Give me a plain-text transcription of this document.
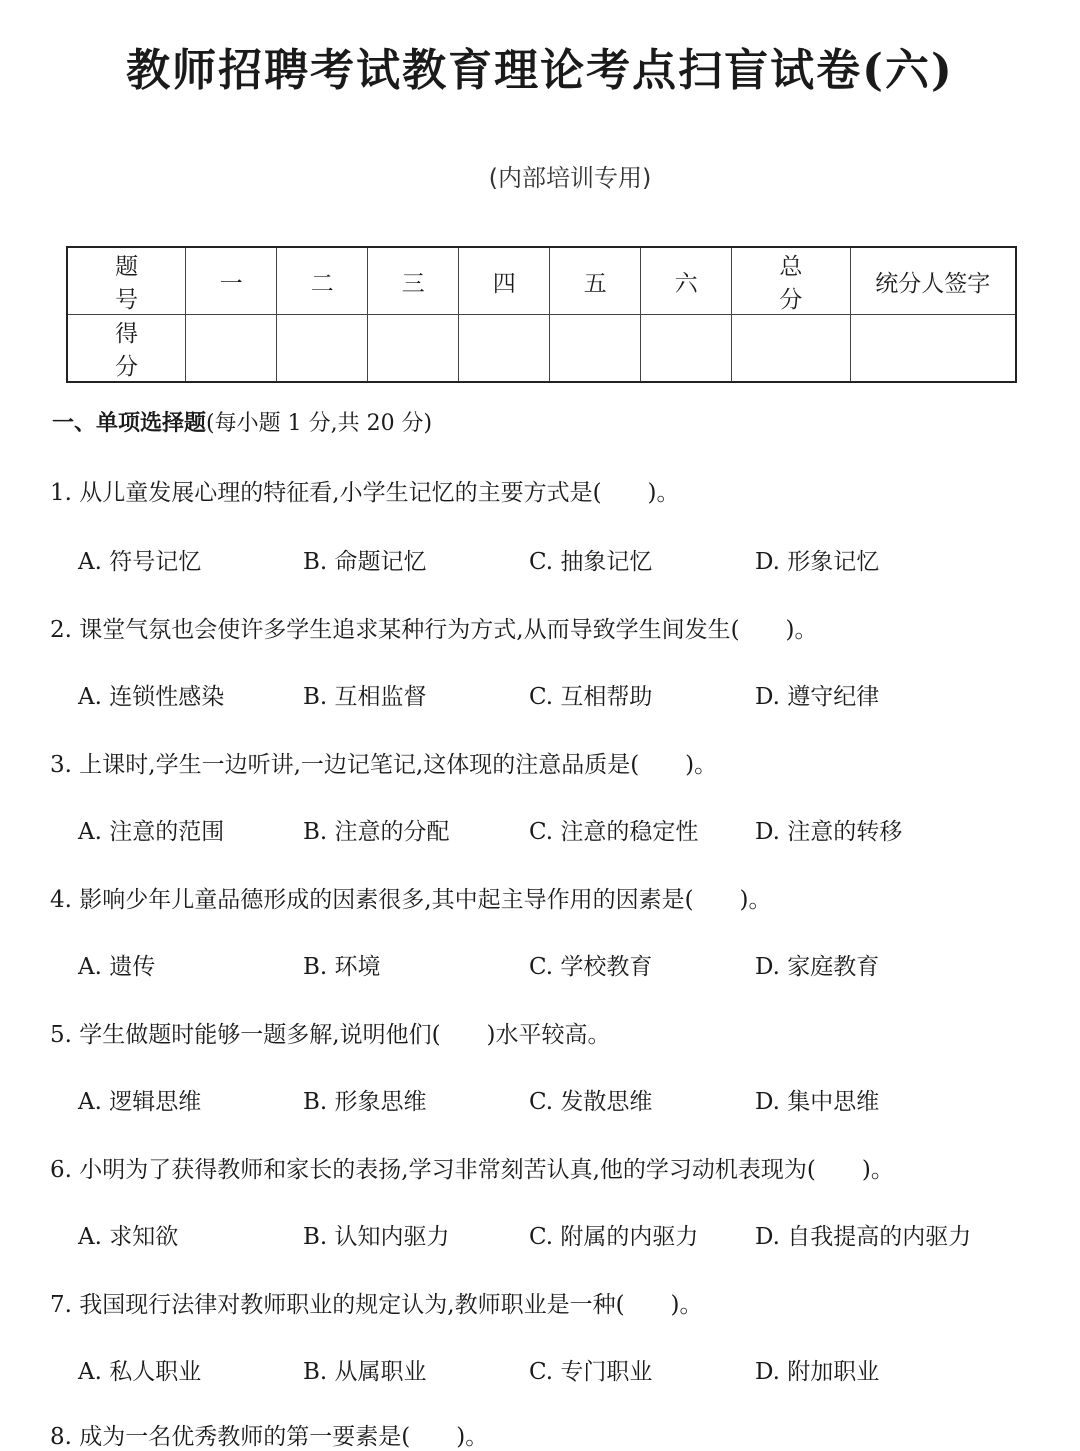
教师招聘考试教育理论考点扫盲试卷(六)
(内部培训专用)
题 号	一	二	三	四	五	六	总 分	统分人签字
得 分								
一、单项选择题(每小题 1 分,共 20 分)
1. 从儿童发展心理的特征看,小学生记忆的主要方式是(　　)。
A. 符号记忆	B. 命题记忆	C. 抽象记忆	D. 形象记忆
2. 课堂气氛也会使许多学生追求某种行为方式,从而导致学生间发生(　　)。
A. 连锁性感染	B. 互相监督	C. 互相帮助	D. 遵守纪律
3. 上课时,学生一边听讲,一边记笔记,这体现的注意品质是(　　)。
A. 注意的范围	B. 注意的分配	C. 注意的稳定性 D. 注意的转移
4. 影响少年儿童品德形成的因素很多,其中起主导作用的因素是(　　)。
A. 遗传	B. 环境	C. 学校教育	D. 家庭教育
5. 学生做题时能够一题多解,说明他们(　　)水平较高。
A. 逻辑思维	B. 形象思维	C. 发散思维	D. 集中思维
6. 小明为了获得教师和家长的表扬,学习非常刻苦认真,他的学习动机表现为(　　)。
A. 求知欲	B. 认知内驱力	C. 附属的内驱力 D. 自我提高的内驱力
7. 我国现行法律对教师职业的规定认为,教师职业是一种(　　)。
A. 私人职业	B. 从属职业	C. 专门职业	D. 附加职业
8. 成为一名优秀教师的第一要素是(　　)。
